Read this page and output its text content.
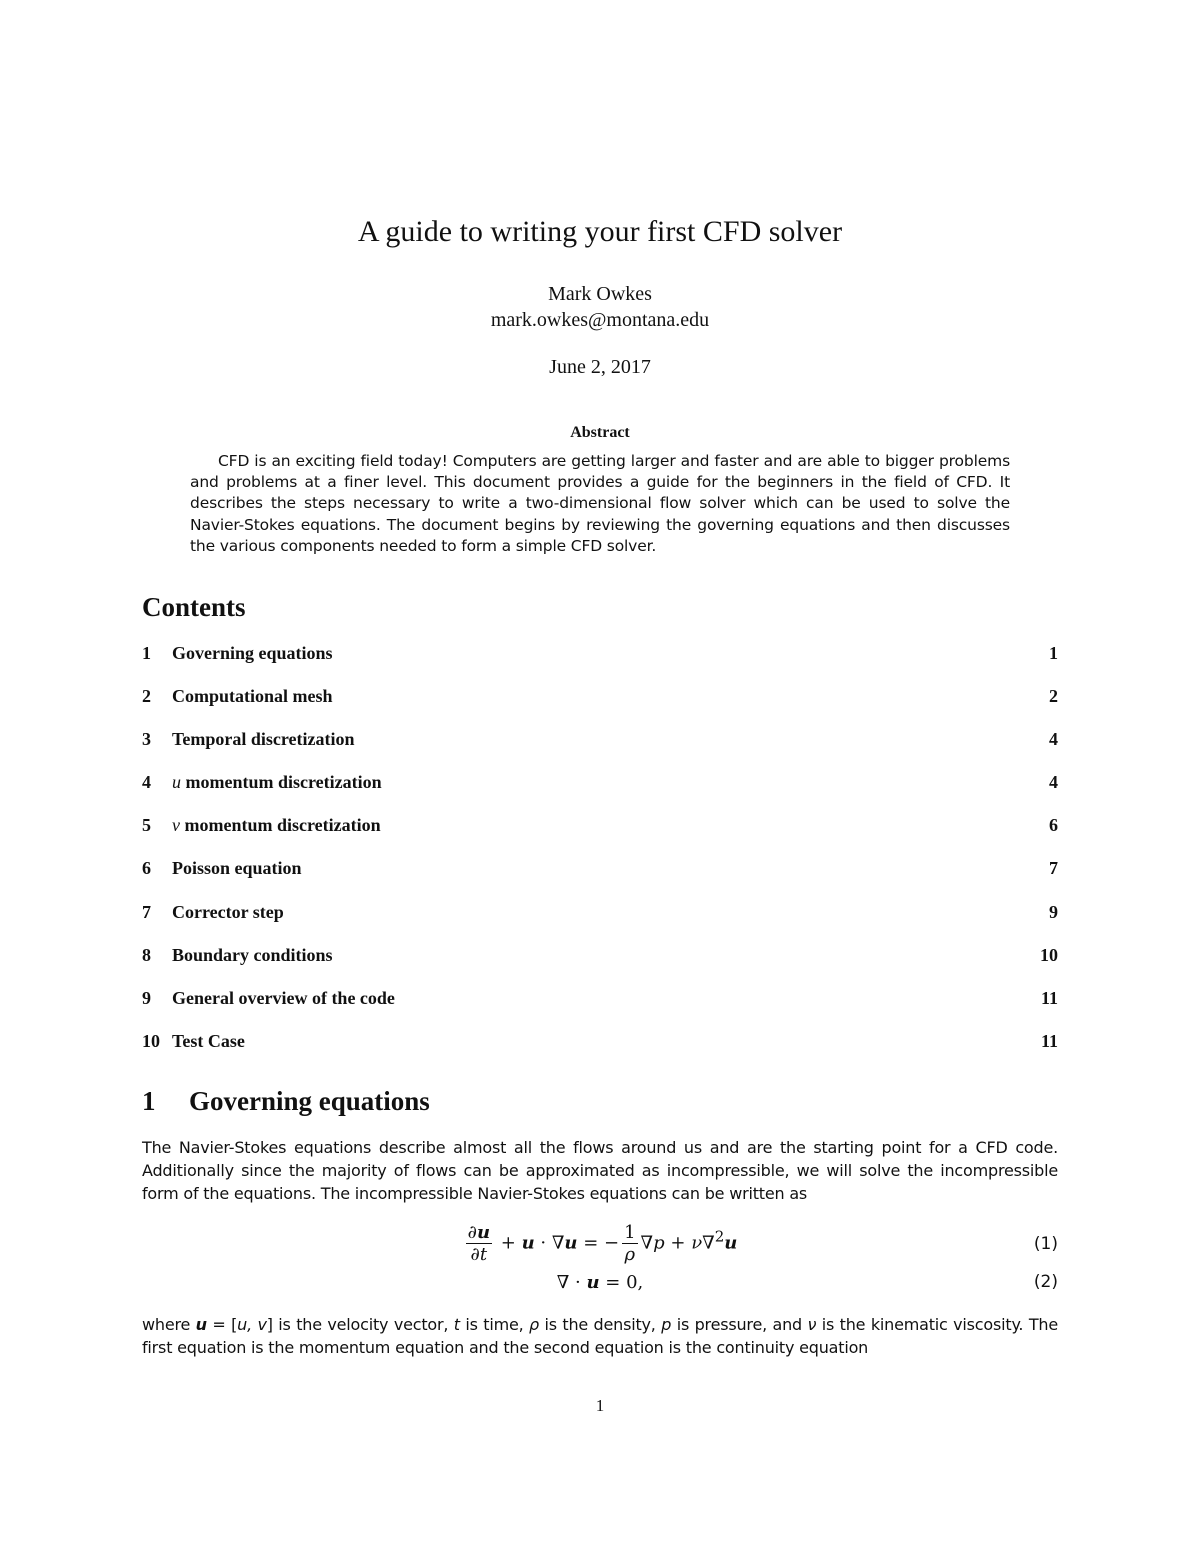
A guide to writing your first CFD solver
Mark Owkes
mark.owkes@montana.edu
June 2, 2017
Abstract
CFD is an exciting field today! Computers are getting larger and faster and are able to bigger problems and problems at a finer level. This document provides a guide for the beginners in the field of CFD. It describes the steps necessary to write a two-dimensional flow solver which can be used to solve the Navier-Stokes equations. The document begins by reviewing the governing equations and then discusses the various components needed to form a simple CFD solver.
Contents
1 Governing equations	1
2 Computational mesh	2
3 Temporal discretization	4
4 u momentum discretization	4
5 v momentum discretization	6
6 Poisson equation	7
7 Corrector step	9
8 Boundary conditions	10
9 General overview of the code	11
10 Test Case	11
1 Governing equations
The Navier-Stokes equations describe almost all the flows around us and are the starting point for a CFD code. Additionally since the majority of flows can be approximated as incompressible, we will solve the incompressible form of the equations. The incompressible Navier-Stokes equations can be written as
$\frac{\partial u}{\partial t} + u \cdot \nabla u$ = − $\frac{1}{\rho} \nabla p + \nu\nabla^2u$	(1)
∇ · u = 0,	(2)
where u = [u, v] is the velocity vector, t is time, ρ is the density, p is pressure, and ν is the kinematic viscosity. The first equation is the momentum equation and the second equation is the continuity equation
1
